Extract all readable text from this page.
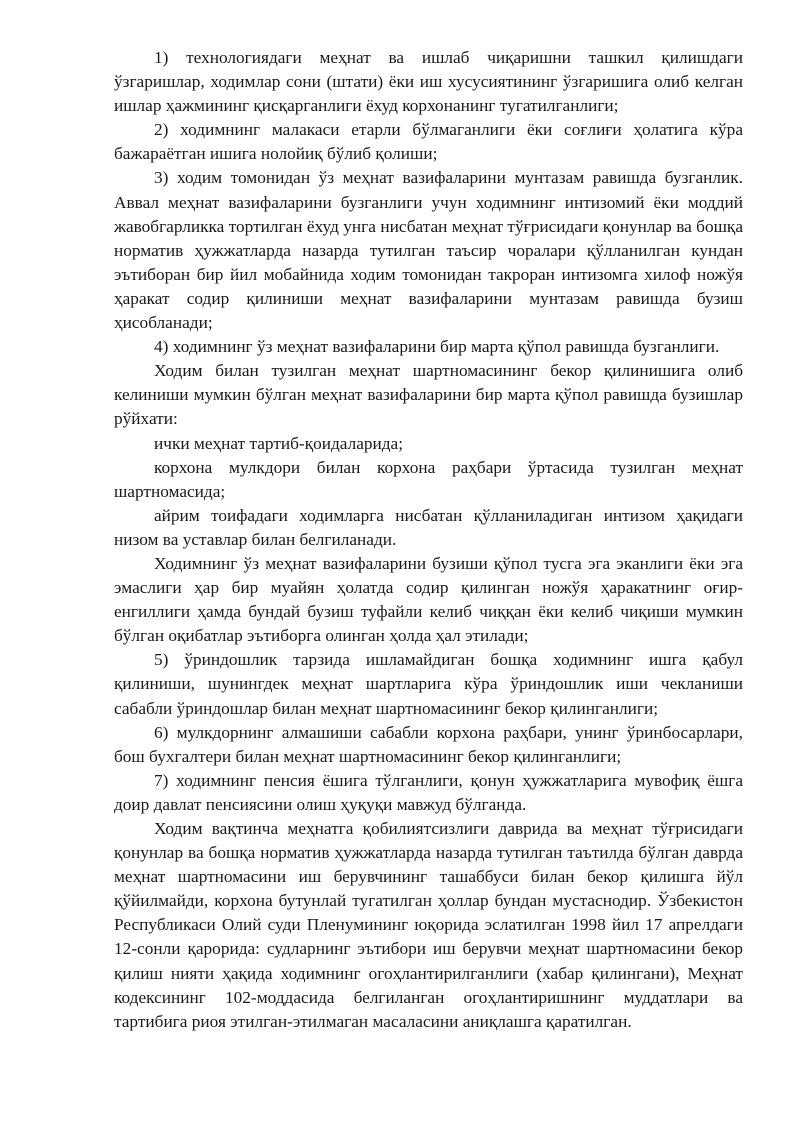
1) технологиядаги меҳнат ва ишлаб чиқаришни ташкил қилишдаги ўзгаришлар, ходимлар сони (штати) ёки иш хусусиятининг ўзгаришига олиб келган ишлар ҳажмининг қисқарганлиги ёхуд корхонанинг тугатилганлиги;

2) ходимнинг малакаси етарли бўлмаганлиги ёки соғлиғи ҳолатига кўра бажараётган ишига нолойиқ бўлиб қолиши;

3) ходим томонидан ўз меҳнат вазифаларини мунтазам равишда бузганлик. Аввал меҳнат вазифаларини бузганлиги учун ходимнинг интизомий ёки моддий жавобгарликка тортилган ёхуд унга нисбатан меҳнат тўғрисидаги қонунлар ва бошқа норматив ҳужжатларда назарда тутилган таъсир чоралари қўлланилган кундан эътиборан бир йил мобайнида ходим томонидан такроран интизомга хилоф ножўя ҳаракат содир қилиниши меҳнат вазифаларини мунтазам равишда бузиш ҳисобланади;

4) ходимнинг ўз меҳнат вазифаларини бир марта қўпол равишда бузганлиги.

Ходим билан тузилган меҳнат шартномасининг бекор қилинишига олиб келиниши мумкин бўлган меҳнат вазифаларини бир марта қўпол равишда бузишлар рўйхати:

ички меҳнат тартиб-қоидаларида;

корхона мулкдори билан корхона раҳбари ўртасида тузилган меҳнат шартномасида;

айрим тоифадаги ходимларга нисбатан қўлланиладиган интизом ҳақидаги низом ва уставлар билан белгиланади.

Ходимнинг ўз меҳнат вазифаларини бузиши қўпол тусга эга эканлиги ёки эга эмаслиги ҳар бир муайян ҳолатда содир қилинган ножўя ҳаракатнинг оғир-енгиллиги ҳамда бундай бузиш туфайли келиб чиққан ёки келиб чиқиши мумкин бўлган оқибатлар эътиборга олинган ҳолда ҳал этилади;

5) ўриндошлик тарзида ишламайдиган бошқа ходимнинг ишга қабул қилиниши, шунингдек меҳнат шартларига кўра ўриндошлик иши чекланиши сабабли ўриндошлар билан меҳнат шартномасининг бекор қилинганлиги;

6) мулкдорнинг алмашиши сабабли корхона раҳбари, унинг ўринбосарлари, бош бухгалтери билан меҳнат шартномасининг бекор қилинганлиги;

7) ходимнинг пенсия ёшига тўлганлиги, қонун ҳужжатларига мувофиқ ёшга доир давлат пенсиясини олиш ҳуқуқи мавжуд бўлганда.

Ходим вақтинча меҳнатга қобилиятсизлиги даврида ва меҳнат тўғрисидаги қонунлар ва бошқа норматив ҳужжатларда назарда тутилган таътилда бўлган даврда меҳнат шартномасини иш берувчининг ташаббуси билан бекор қилишга йўл қўйилмайди, корхона бутунлай тугатилган ҳоллар бундан мустаснодир. Ўзбекистон Республикаси Олий суди Пленумининг юқорида эслатилган 1998 йил 17 апрелдаги 12-сонли қарорида: судларнинг эътибори иш берувчи меҳнат шартномасини бекор қилиш нияти ҳақида ходимнинг огоҳлантирилганлиги (хабар қилингани), Меҳнат кодексининг 102-моддасида белгиланган огоҳлантиришнинг муддатлари ва тартибига риоя этилган-этилмаган масаласини аниқлашга қаратилган.
